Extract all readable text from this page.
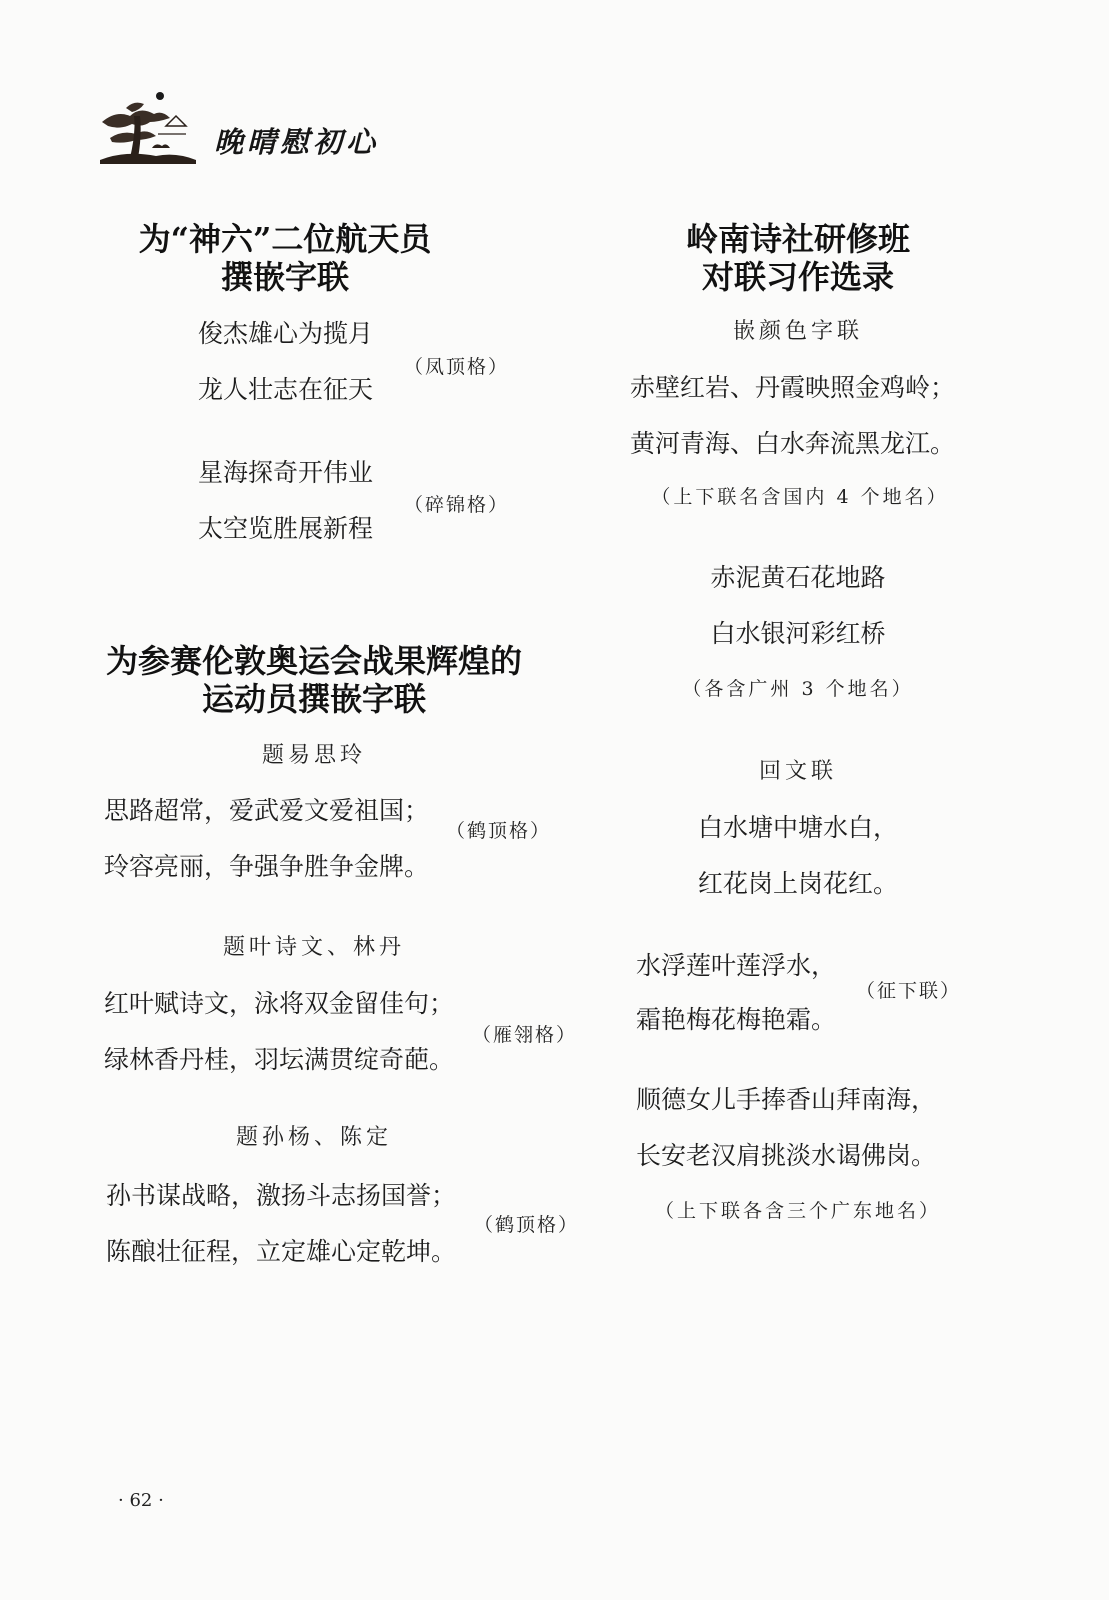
晚晴慰初心
为“神六”二位航天员
撰嵌字联
俊杰雄心为揽月
龙人壮志在征天
（凤顶格）
星海探奇开伟业
太空览胜展新程
（碎锦格）
为参赛伦敦奥运会战果辉煌的
运动员撰嵌字联
题易思玲
思路超常，爱武爱文爱祖国；
玲容亮丽，争强争胜争金牌。
（鹤顶格）
题叶诗文、林丹
红叶赋诗文，泳将双金留佳句；
绿林香丹桂，羽坛满贯绽奇葩。
（雁翎格）
题孙杨、陈定
孙书谋战略，激扬斗志扬国誉；
陈酿壮征程，立定雄心定乾坤。
（鹤顶格）
岭南诗社研修班
对联习作选录
嵌颜色字联
赤壁红岩、丹霞映照金鸡岭；
黄河青海、白水奔流黑龙江。
（上下联名含国内 4 个地名）
赤泥黄石花地路
白水银河彩红桥
（各含广州 3 个地名）
回文联
白水塘中塘水白，
红花岗上岗花红。
水浮莲叶莲浮水，
霜艳梅花梅艳霜。
（征下联）
顺德女儿手捧香山拜南海，
长安老汉肩挑淡水谒佛岗。
（上下联各含三个广东地名）
· 62 ·
